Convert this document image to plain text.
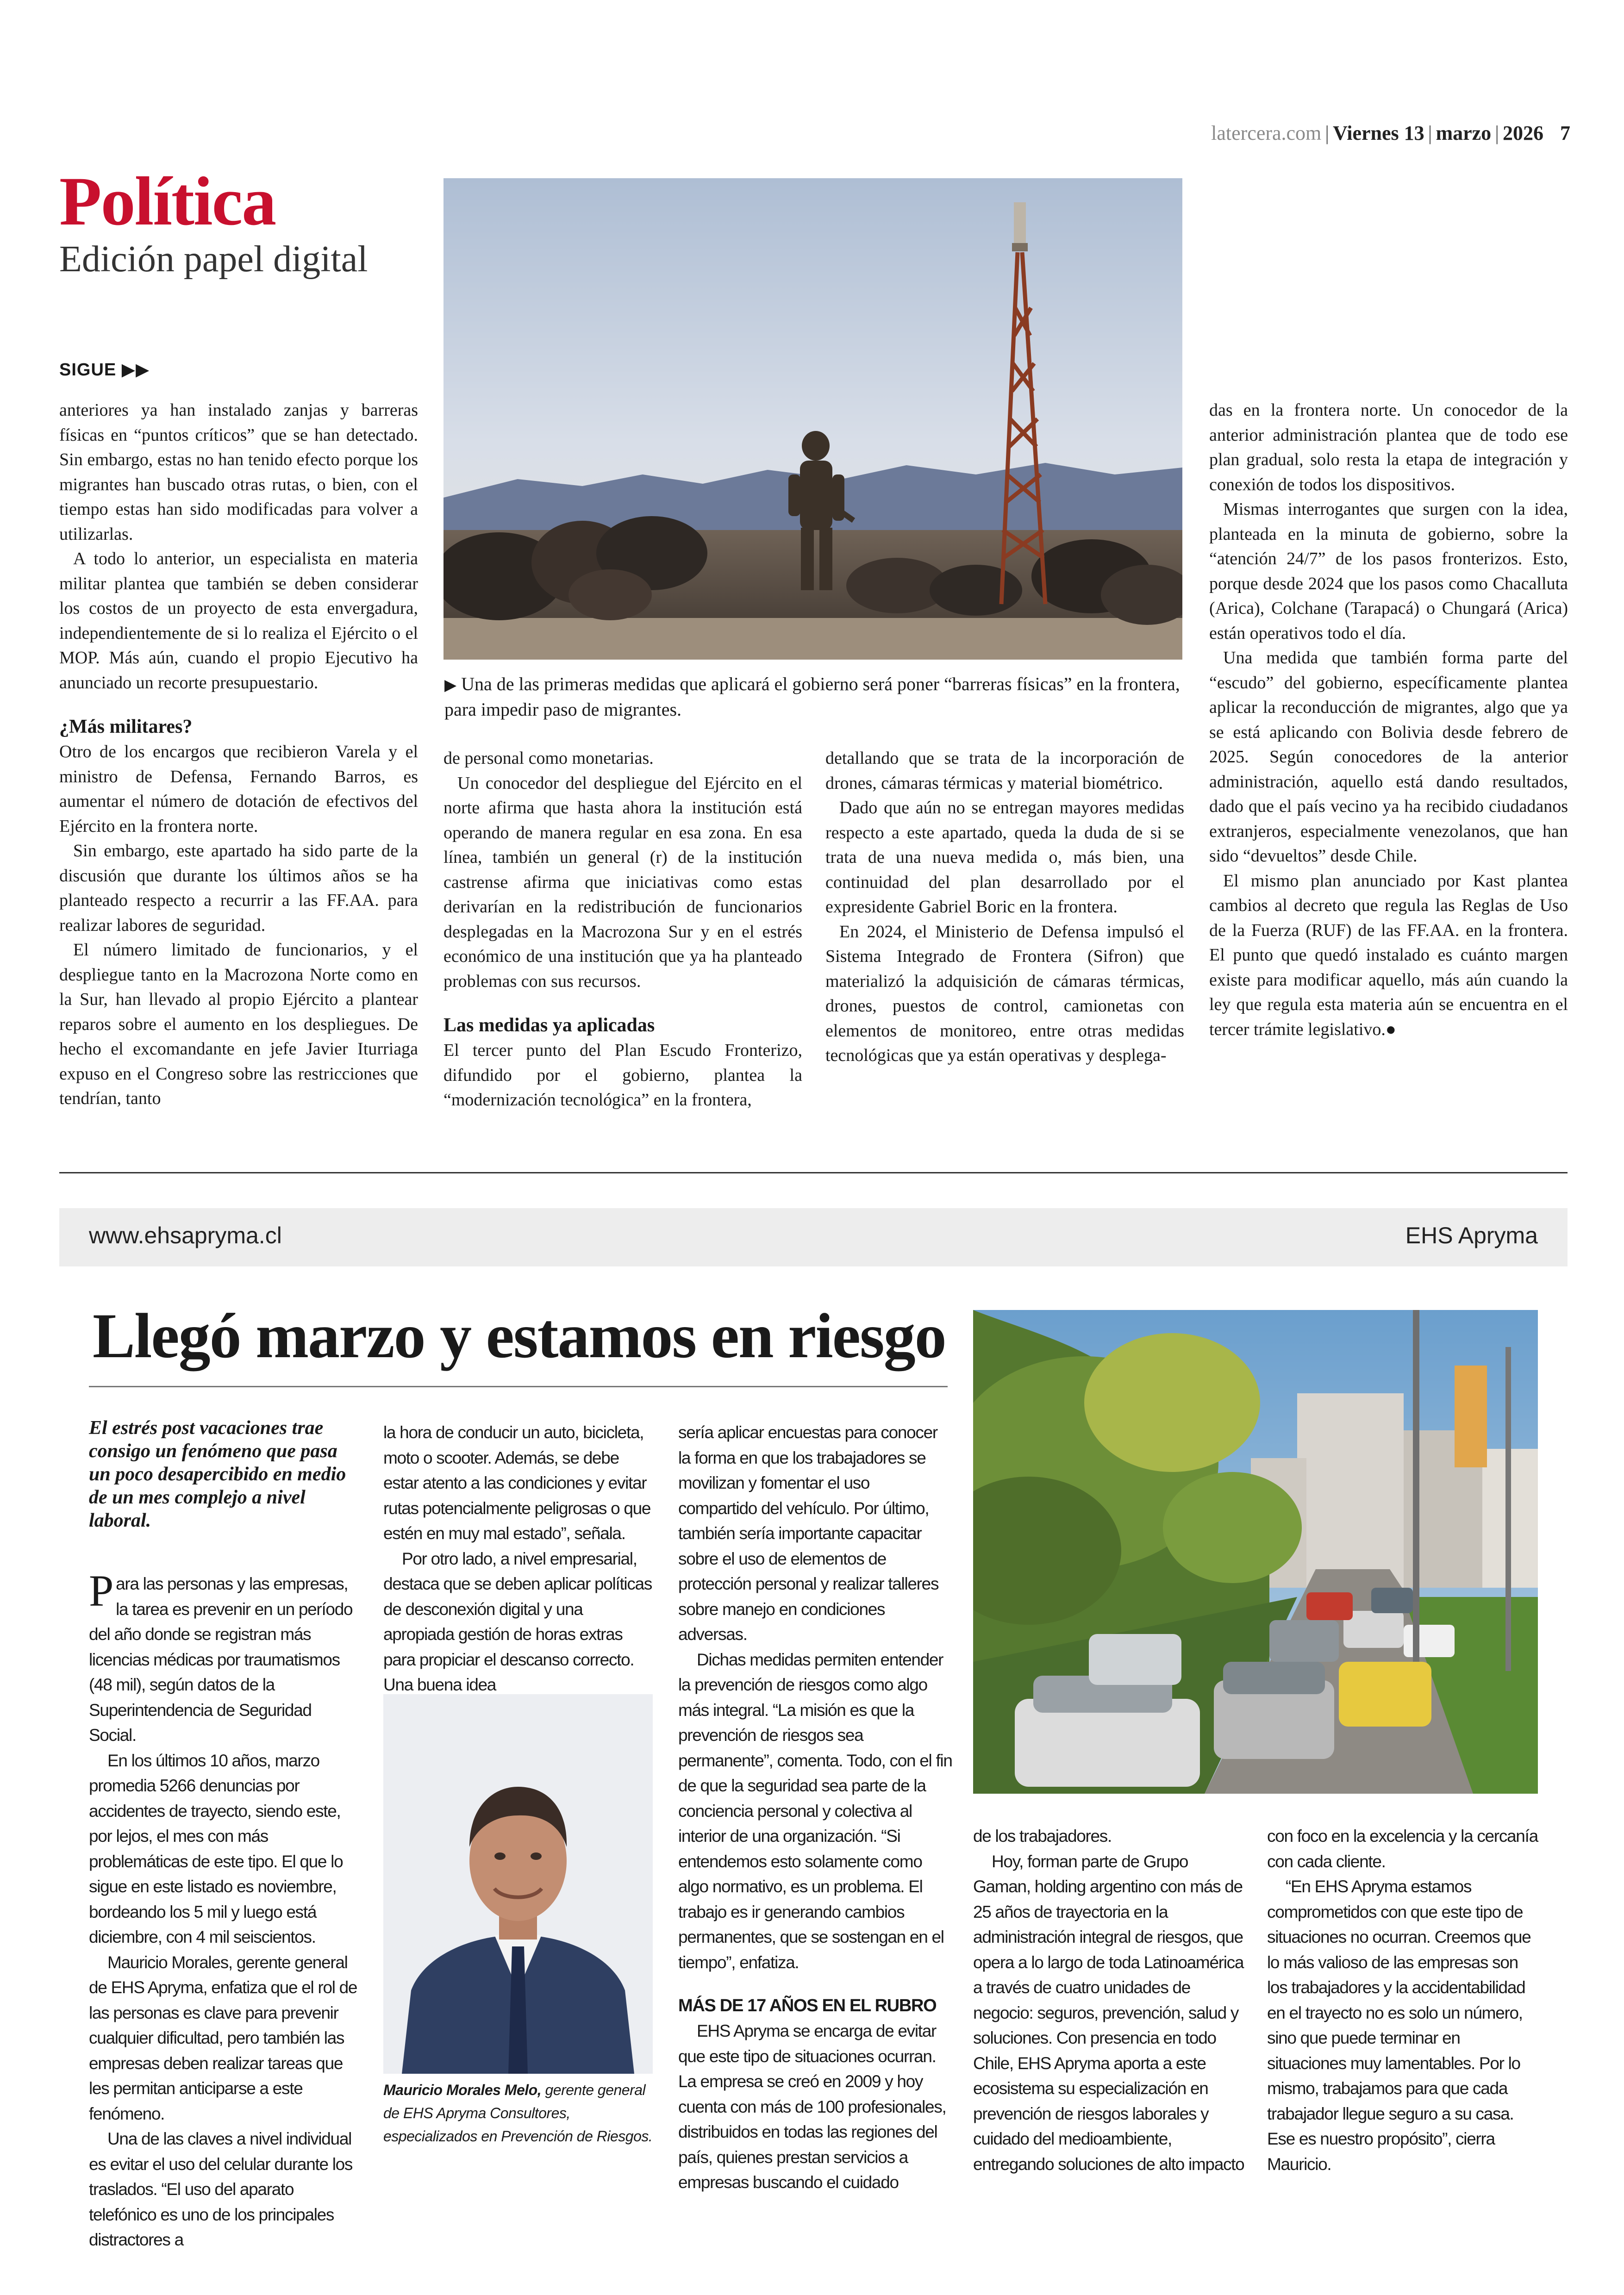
latercera.com | Viernes 13 | marzo | 2026 7
Política
Edición papel digital
SIGUE ▶▶
▶ Una de las primeras medidas que aplicará el gobierno será poner “barreras físicas” en la frontera, para impedir paso de migrantes.

anteriores ya han instalado zanjas y barreras físicas en “puntos críticos” que se han detectado. Sin embargo, estas no han tenido efecto porque los migrantes han buscado otras rutas, o bien, con el tiempo estas han sido modificadas para volver a utilizarlas.

A todo lo anterior, un especialista en materia militar plantea que también se deben considerar los costos de un proyecto de esta envergadura, independientemente de si lo realiza el Ejército o el MOP. Más aún, cuando el propio Ejecutivo ha anunciado un recorte presupuestario.

¿Más militares?

Otro de los encargos que recibieron Varela y el ministro de Defensa, Fernando Barros, es aumentar el número de dotación de efectivos del Ejército en la frontera norte.

Sin embargo, este apartado ha sido parte de la discusión que durante los últimos años se ha planteado respecto a recurrir a las FF.AA. para realizar labores de seguridad.

El número limitado de funcionarios, y el despliegue tanto en la Macrozona Norte como en la Sur, han llevado al propio Ejército a plantear reparos sobre el aumento en los despliegues. De hecho el excomandante en jefe Javier Iturriaga expuso en el Congreso sobre las restricciones que tendrían, tanto

de personal como monetarias.

Un conocedor del despliegue del Ejército en el norte afirma que hasta ahora la institución está operando de manera regular en esa zona. En esa línea, también un general (r) de la institución castrense afirma que iniciativas como estas derivarían en la redistribución de funcionarios desplegadas en la Macrozona Sur y en el estrés económico de una institución que ya ha planteado problemas con sus recursos.

Las medidas ya aplicadas

El tercer punto del Plan Escudo Fronterizo, difundido por el gobierno, plantea la “modernización tecnológica” en la frontera,

detallando que se trata de la incorporación de drones, cámaras térmicas y material biométrico.

Dado que aún no se entregan mayores medidas respecto a este apartado, queda la duda de si se trata de una nueva medida o, más bien, una continuidad del plan desarrollado por el expresidente Gabriel Boric en la frontera.

En 2024, el Ministerio de Defensa impulsó el Sistema Integrado de Frontera (Sifron) que materializó la adquisición de cámaras térmicas, drones, puestos de control, camionetas con elementos de monitoreo, entre otras medidas tecnológicas que ya están operativas y desplega-

das en la frontera norte. Un conocedor de la anterior administración plantea que de todo ese plan gradual, solo resta la etapa de integración y conexión de todos los dispositivos.

Mismas interrogantes que surgen con la idea, planteada en la minuta de gobierno, sobre la “atención 24/7” de los pasos fronterizos. Esto, porque desde 2024 que los pasos como Chacalluta (Arica), Colchane (Tarapacá) o Chungará (Arica) están operativos todo el día.

Una medida que también forma parte del “escudo” del gobierno, específicamente plantea aplicar la reconducción de migrantes, algo que ya se está aplicando con Bolivia desde febrero de 2025. Según conocedores de la anterior administración, aquello está dando resultados, dado que el país vecino ya ha recibido ciudadanos extranjeros, especialmente venezolanos, que han sido “devueltos” desde Chile.

El mismo plan anunciado por Kast plantea cambios al decreto que regula las Reglas de Uso de la Fuerza (RUF) de las FF.AA. en la frontera. El punto que quedó instalado es cuánto margen existe para modificar aquello, más aún cuando la ley que regula esta materia aún se encuentra en el tercer trámite legislativo.●

www.ehsapryma.cl	EHS Apryma
Llegó marzo y estamos en riesgo
El estrés post vacaciones trae consigo un fenómeno que pasa un poco desapercibido en medio de un mes complejo a nivel laboral.

Para las personas y las empresas, la tarea es prevenir en un período del año donde se registran más licencias médicas por traumatismos (48 mil), según datos de la Superintendencia de Seguridad Social.

En los últimos 10 años, marzo promedia 5266 denuncias por accidentes de trayecto, siendo este, por lejos, el mes con más problemáticas de este tipo. El que lo sigue en este listado es noviembre, bordeando los 5 mil y luego está diciembre, con 4 mil seiscientos.

Mauricio Morales, gerente general de EHS Apryma, enfatiza que el rol de las personas es clave para prevenir cualquier dificultad, pero también las empresas deben realizar tareas que les permitan anticiparse a este fenómeno.

Una de las claves a nivel individual es evitar el uso del celular durante los traslados. “El uso del aparato telefónico es uno de los principales distractores a

la hora de conducir un auto, bicicleta, moto o scooter. Además, se debe estar atento a las condiciones y evitar rutas potencialmente peligrosas o que estén en muy mal estado”, señala.

Por otro lado, a nivel empresarial, destaca que se deben aplicar políticas de desconexión digital y una apropiada gestión de horas extras para propiciar el descanso correcto. Una buena idea

Mauricio Morales Melo, gerente general de EHS Apryma Consultores, especializados en Prevención de Riesgos.

sería aplicar encuestas para conocer la forma en que los trabajadores se movilizan y fomentar el uso compartido del vehículo. Por último, también sería importante capacitar sobre el uso de elementos de protección personal y realizar talleres sobre manejo en condiciones adversas.

Dichas medidas permiten entender la prevención de riesgos como algo más integral. “La misión es que la prevención de riesgos sea permanente”, comenta. Todo, con el fin de que la seguridad sea parte de la conciencia personal y colectiva al interior de una organización. “Si entendemos esto solamente como algo normativo, es un problema. El trabajo es ir generando cambios permanentes, que se sostengan en el tiempo”, enfatiza.

MÁS DE 17 AÑOS EN EL RUBRO

EHS Apryma se encarga de evitar que este tipo de situaciones ocurran. La empresa se creó en 2009 y hoy cuenta con más de 100 profesionales, distribuidos en todas las regiones del país, quienes prestan servicios a empresas buscando el cuidado

de los trabajadores.

Hoy, forman parte de Grupo Gaman, holding argentino con más de 25 años de trayectoria en la administración integral de riesgos, que opera a lo largo de toda Latinoamérica a través de cuatro unidades de negocio: seguros, prevención, salud y soluciones. Con presencia en todo Chile, EHS Apryma aporta a este ecosistema su especialización en prevención de riesgos laborales y cuidado del medioambiente, entregando soluciones de alto impacto

con foco en la excelencia y la cercanía con cada cliente.

“En EHS Apryma estamos comprometidos con que este tipo de situaciones no ocurran. Creemos que lo más valioso de las empresas son los trabajadores y la accidentabilidad en el trayecto no es solo un número, sino que puede terminar en situaciones muy lamentables. Por lo mismo, trabajamos para que cada trabajador llegue seguro a su casa. Ese es nuestro propósito”, cierra Mauricio.
